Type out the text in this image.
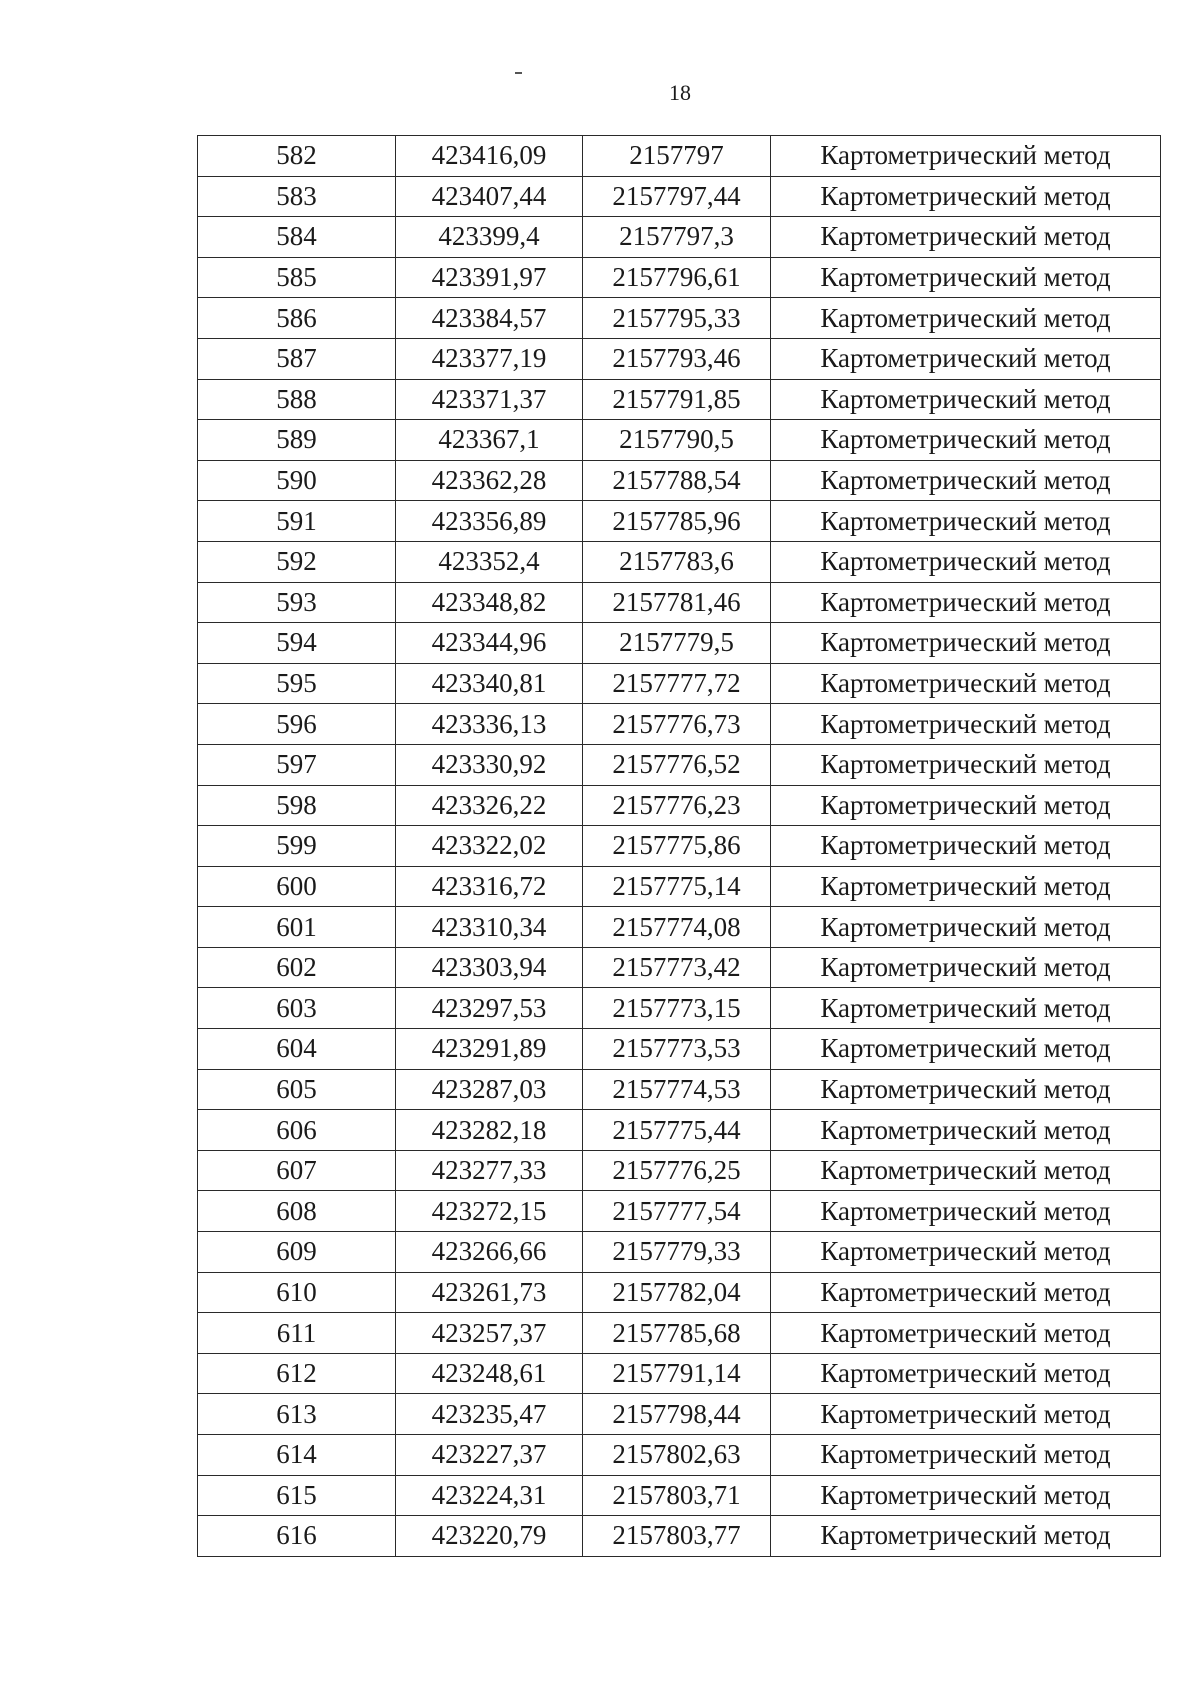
18
582	423416,09	2157797	Картометрический метод
583	423407,44	2157797,44	Картометрический метод
584	423399,4	2157797,3	Картометрический метод
585	423391,97	2157796,61	Картометрический метод
586	423384,57	2157795,33	Картометрический метод
587	423377,19	2157793,46	Картометрический метод
588	423371,37	2157791,85	Картометрический метод
589	423367,1	2157790,5	Картометрический метод
590	423362,28	2157788,54	Картометрический метод
591	423356,89	2157785,96	Картометрический метод
592	423352,4	2157783,6	Картометрический метод
593	423348,82	2157781,46	Картометрический метод
594	423344,96	2157779,5	Картометрический метод
595	423340,81	2157777,72	Картометрический метод
596	423336,13	2157776,73	Картометрический метод
597	423330,92	2157776,52	Картометрический метод
598	423326,22	2157776,23	Картометрический метод
599	423322,02	2157775,86	Картометрический метод
600	423316,72	2157775,14	Картометрический метод
601	423310,34	2157774,08	Картометрический метод
602	423303,94	2157773,42	Картометрический метод
603	423297,53	2157773,15	Картометрический метод
604	423291,89	2157773,53	Картометрический метод
605	423287,03	2157774,53	Картометрический метод
606	423282,18	2157775,44	Картометрический метод
607	423277,33	2157776,25	Картометрический метод
608	423272,15	2157777,54	Картометрический метод
609	423266,66	2157779,33	Картометрический метод
610	423261,73	2157782,04	Картометрический метод
611	423257,37	2157785,68	Картометрический метод
612	423248,61	2157791,14	Картометрический метод
613	423235,47	2157798,44	Картометрический метод
614	423227,37	2157802,63	Картометрический метод
615	423224,31	2157803,71	Картометрический метод
616	423220,79	2157803,77	Картометрический метод
